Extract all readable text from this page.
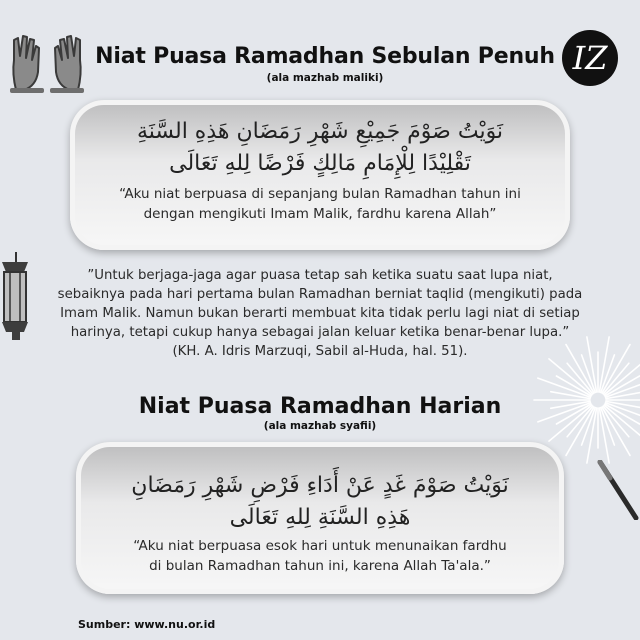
Niat Puasa Ramadhan Sebulan Penuh
(ala mazhab maliki)
IZ
نَوَيْتُ صَوْمَ جَمِيْعِ شَهْرِ رَمَضَانِ هَذِهِ السَّنَةِ
تَقْلِيْدًا لِلْإِمَامِ مَالِكٍ فَرْضًا لِلهِ تَعَالَى
“Aku niat berpuasa di sepanjang bulan Ramadhan tahun ini
dengan mengikuti Imam Malik, fardhu karena Allah”
”Untuk berjaga-jaga agar puasa tetap sah ketika suatu saat lupa niat,
sebaiknya pada hari pertama bulan Ramadhan berniat taqlid (mengikuti) pada
Imam Malik. Namun bukan berarti membuat kita tidak perlu lagi niat di setiap
harinya, tetapi cukup hanya sebagai jalan keluar ketika benar-benar lupa.”
(KH. A. Idris Marzuqi, Sabil al-Huda, hal. 51).
Niat Puasa Ramadhan Harian
(ala mazhab syafii)
نَوَيْتُ صَوْمَ غَدٍ عَنْ أَدَاءِ فَرْضِ شَهْرِ رَمَضَانِ
هَذِهِ السَّنَةِ لِلهِ تَعَالَى
“Aku niat berpuasa esok hari untuk menunaikan fardhu
di bulan Ramadhan tahun ini, karena Allah Ta'ala.”
Sumber: www.nu.or.id
